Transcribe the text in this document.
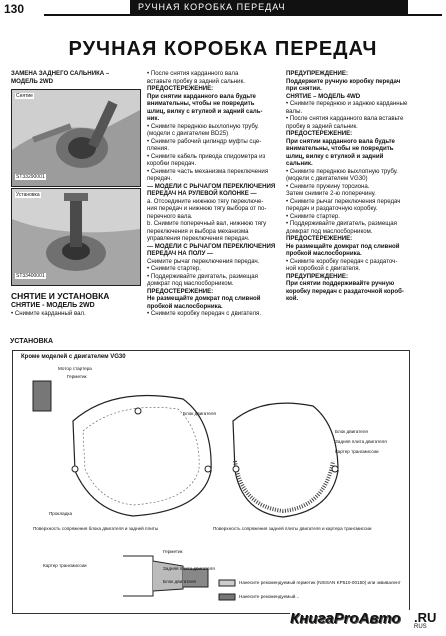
130	РУЧНАЯ КОРОБКА ПЕРЕДАЧ
РУЧНАЯ КОРОБКА ПЕРЕДАЧ

ЗАМЕНА ЗАДНЕГО САЛЬНИКА –

МОДЕЛЬ 2WD

Снятие
ST33290001
Установка
ST33400001

СНЯТИЕ И УСТАНОВКА

СНЯТИЕ - МОДЕЛЬ 2WD

• Снимите карданный вал.

• После снятия карданного вала

вставьте пробку в задний сальник.

ПРЕДОСТЕРЕЖЕНИЕ:

При снятии карданного вала будьте

внимательны, чтобы не повредить

шлиц, вилку с втулкой и задний саль-

ник.

• Снимите переднюю выхлопную трубу.

(модели с двигателем BD25)

• Снимите рабочий цилиндр муфты сце-

пления.

• Снимите кабель привода спидометра из

коробки передач.

• Снимите часть механизма переключения

передач.

— МОДЕЛИ С РЫЧАГОМ ПЕРЕКЛЮЧЕНИЯ

ПЕРЕДАЧ НА РУЛЕВОЙ КОЛОНКЕ —

a. Отсоедините нижнюю тягу переключе-

ния передач и нижнюю тягу выбора от по-

перечного вала.

b. Снимите поперечный вал, нижнюю тягу

переключения и выбора механизма

управления переключения передач.

— МОДЕЛИ С РЫЧАГОМ ПЕРЕКЛЮЧЕНИЯ

ПЕРЕДАЧ НА ПОЛУ —

Снимите рычаг переключения передач.

• Снимите стартер.

• Поддерживайте двигатель, размещая

домкрат под маслосборником.

ПРЕДОСТЕРЕЖЕНИЕ:

Не размещайте домкрат под сливной

пробкой маслосборника.

• Снимите коробку передач с двигателя.

ПРЕДУПРЕЖДЕНИЕ:

Поддержите ручную коробку передач

при снятии.

СНЯТИЕ – МОДЕЛЬ 4WD

• Снимите переднюю и заднюю карданные

валы.

• После снятия карданного вала вставьте

пробку в задний сальник.

ПРЕДОСТЕРЕЖЕНИЕ:

При снятии карданного вала будьте

внимательны, чтобы не повредить

шлиц, вилку с втулкой и задний

сальник.

• Снимите переднюю выхлопную трубу.

(модели с двигателем VG30)

• Снимите пружину торсиона.

Затем снимите 2-ю поперечину.

• Снимите рычаг переключения передач

передач и раздаточную коробку.

• Снимите стартер.

• Поддерживайте двигатель, размещая

домкрат под маслосборником.

ПРЕДОСТЕРЕЖЕНИЕ:

Не размещайте домкрат под сливной

пробкой маслосборника.

• Снимите коробку передач с раздаточ-

ной коробкой с двигателя.

ПРЕДУПРЕЖДЕНИЕ:

При снятии поддерживайте ручную

коробку передач с раздаточной короб-

кой.

УСТАНОВКА
Кроме моделей с двигателем VG30
Мотор стартера
Герметик
Блок двигателя
Прокладка
Блок двигателя
Задняя плита двигателя
Картер трансмиссии
Поверхность сопряжения блока двигателя и задней плиты	Поверхность сопряжения задней плиты двигателя и картера трансмиссии
Герметик
Картер трансмиссии
Задняя плита двигателя
Блок двигателя	Нанесите рекомендуемый герметик (NISSAN KP510-00150) или эквивалент
Нанесите рекомендуемый...
КнигаProАвто .RU
RUS
